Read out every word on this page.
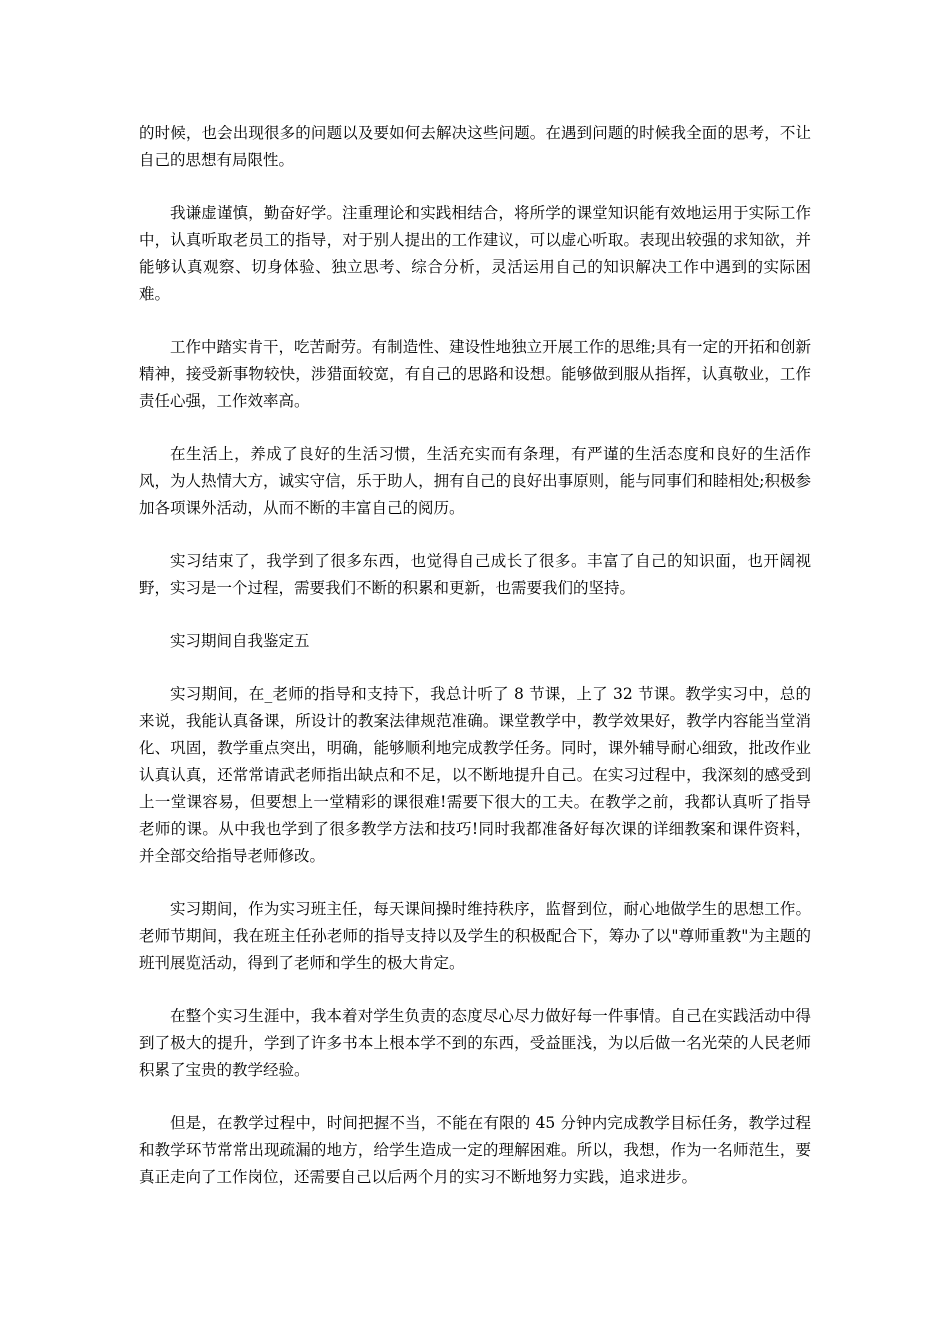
的时候，也会出现很多的问题以及要如何去解决这些问题。在遇到问题的时候我全面的思考，不让自己的思想有局限性。

我谦虚谨慎，勤奋好学。注重理论和实践相结合，将所学的课堂知识能有效地运用于实际工作中，认真听取老员工的指导，对于别人提出的工作建议，可以虚心听取。表现出较强的求知欲，并能够认真观察、切身体验、独立思考、综合分析，灵活运用自己的知识解决工作中遇到的实际困难。

工作中踏实肯干，吃苦耐劳。有制造性、建设性地独立开展工作的思维;具有一定的开拓和创新精神，接受新事物较快，涉猎面较宽，有自己的思路和设想。能够做到服从指挥，认真敬业，工作责任心强，工作效率高。

在生活上，养成了良好的生活习惯，生活充实而有条理，有严谨的生活态度和良好的生活作风，为人热情大方，诚实守信，乐于助人，拥有自己的良好出事原则，能与同事们和睦相处;积极参加各项课外活动，从而不断的丰富自己的阅历。

实习结束了，我学到了很多东西，也觉得自己成长了很多。丰富了自己的知识面，也开阔视野，实习是一个过程，需要我们不断的积累和更新，也需要我们的坚持。

实习期间自我鉴定五

实习期间，在_老师的指导和支持下，我总计听了 8 节课，上了 32 节课。教学实习中，总的来说，我能认真备课，所设计的教案法律规范准确。课堂教学中，教学效果好，教学内容能当堂消化、巩固，教学重点突出，明确，能够顺利地完成教学任务。同时，课外辅导耐心细致，批改作业认真认真，还常常请武老师指出缺点和不足，以不断地提升自己。在实习过程中，我深刻的感受到上一堂课容易，但要想上一堂精彩的课很难!需要下很大的工夫。在教学之前，我都认真听了指导老师的课。从中我也学到了很多教学方法和技巧!同时我都准备好每次课的详细教案和课件资料，并全部交给指导老师修改。

实习期间，作为实习班主任，每天课间操时维持秩序，监督到位，耐心地做学生的思想工作。老师节期间，我在班主任孙老师的指导支持以及学生的积极配合下，筹办了以"尊师重教"为主题的班刊展览活动，得到了老师和学生的极大肯定。

在整个实习生涯中，我本着对学生负责的态度尽心尽力做好每一件事情。自己在实践活动中得到了极大的提升，学到了许多书本上根本学不到的东西，受益匪浅，为以后做一名光荣的人民老师积累了宝贵的教学经验。

但是，在教学过程中，时间把握不当，不能在有限的 45 分钟内完成教学目标任务，教学过程和教学环节常常出现疏漏的地方，给学生造成一定的理解困难。所以，我想，作为一名师范生，要真正走向了工作岗位，还需要自己以后两个月的实习不断地努力实践，追求进步。
